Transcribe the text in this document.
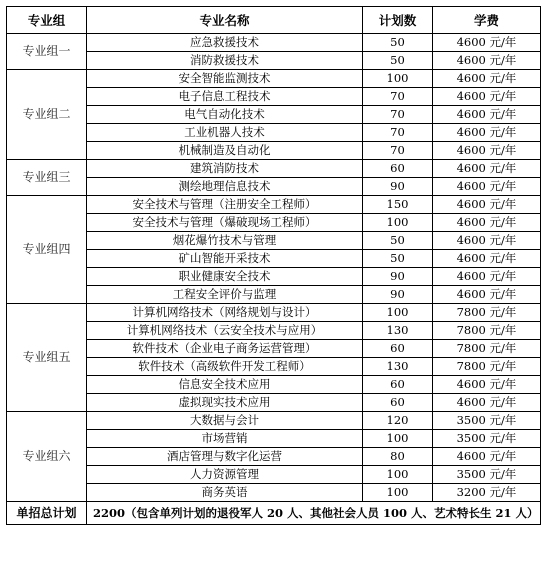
专业组	专业名称	计划数	学费
专业组一	应急救援技术	50	4600 元/年
	消防救援技术	50	4600 元/年
专业组二	安全智能监测技术	100	4600 元/年
	电子信息工程技术	70	4600 元/年
	电气自动化技术	70	4600 元/年
	工业机器人技术	70	4600 元/年
	机械制造及自动化	70	4600 元/年
专业组三	建筑消防技术	60	4600 元/年
	测绘地理信息技术	90	4600 元/年
专业组四	安全技术与管理（注册安全工程师）	150	4600 元/年
	安全技术与管理（爆破现场工程师）	100	4600 元/年
	烟花爆竹技术与管理	50	4600 元/年
	矿山智能开采技术	50	4600 元/年
	职业健康安全技术	90	4600 元/年
	工程安全评价与监理	90	4600 元/年
专业组五	计算机网络技术（网络规划与设计）	100	7800 元/年
	计算机网络技术（云安全技术与应用）	130	7800 元/年
	软件技术（企业电子商务运营管理）	60	7800 元/年
	软件技术（高级软件开发工程师）	130	7800 元/年
	信息安全技术应用	60	4600 元/年
	虚拟现实技术应用	60	4600 元/年
专业组六	大数据与会计	120	3500 元/年
	市场营销	100	3500 元/年
	酒店管理与数字化运营	80	4600 元/年
	人力资源管理	100	3500 元/年
	商务英语	100	3200 元/年
单招总计划	2200（包含单列计划的退役军人 20 人、其他社会人员 100 人、艺术特长生 21 人）		
